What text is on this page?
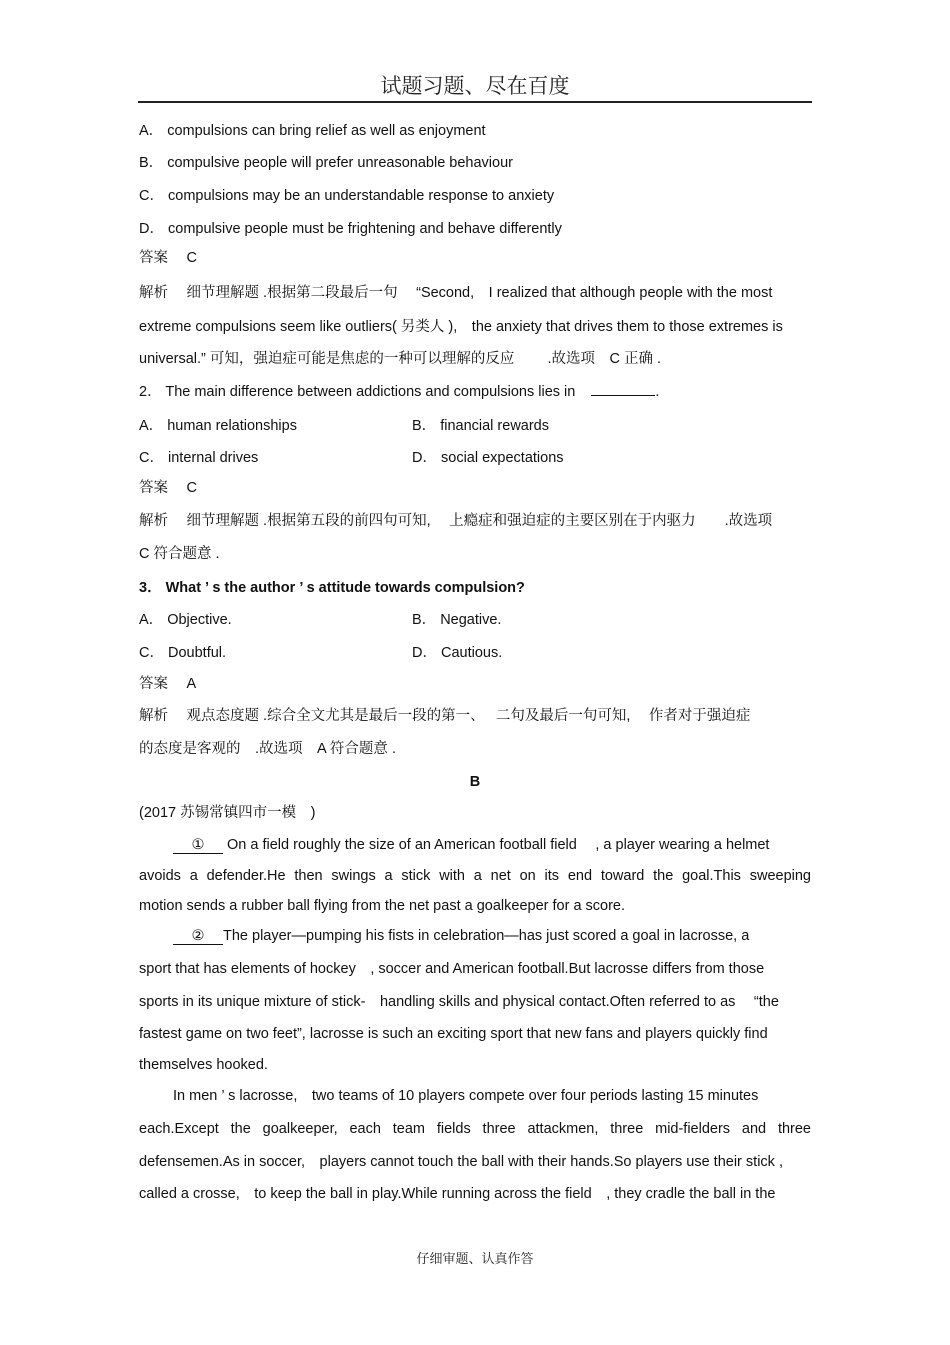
试题习题、尽在百度
A． compulsions can bring relief as well as enjoyment
B． compulsive people will prefer unreasonable behaviour
C． compulsions may be an understandable response to anxiety
D． compulsive people must be frightening and behave differently
答案　 C
解析　 细节理解题 .根据第二段最后一句　 “Second,　I realized that although people with the most
extreme compulsions seem like outliers( 另类人 ),　the anxiety that drives them to those extremes is
universal.” 可知，强迫症可能是焦虑的一种可以理解的反应　　 .故选项　C 正确 .
2． The main difference between addictions and compulsions lies in	.
A． human relationships	B． financial rewards
C． internal drives	D． social expectations
答案　 C
解析　 细节理解题 .根据第五段的前四句可知,　 上瘾症和强迫症的主要区别在于内驱力　　.故选项
C 符合题意 .
3． What ’ s the author ’ s attitude towards compulsion?
A． Objective.	B． Negative.
C． Doubtful.	D． Cautious.
答案　 A
解析　 观点态度题 .综合全文尤其是最后一段的第一、　 二句及最后一句可知,　 作者对于强迫症
的态度是客观的　.故选项　A 符合题意 .
B
(2017 苏锡常镇四市一模　)
① On a field roughly the size of an American football field　 , a player wearing a helmet
avoids a defender.He then swings a stick with a net on its end toward the goal.This sweeping
motion sends a rubber ball flying from the net past a goalkeeper for a score.
② The player—pumping his fists in celebration—has just scored a goal in lacrosse, a
sport that has elements of hockey　, soccer and American football.But lacrosse differs from those
sports in its unique mixture of stick-　handling skills and physical contact.Often referred to as　 “the
fastest game on two feet”, lacrosse is such an exciting sport that new fans and players quickly find
themselves hooked.
In men ’ s lacrosse,　two teams of 10 players compete over four periods lasting 15 minutes
each.Except the goalkeeper, each team fields three attackmen, three mid-fielders and three
defensemen.As in soccer,　players cannot touch the ball with their hands.So players use their stick ,
called a crosse,　to keep the ball in play.While running across the field　, they cradle the ball in the
仔细审题、认真作答
